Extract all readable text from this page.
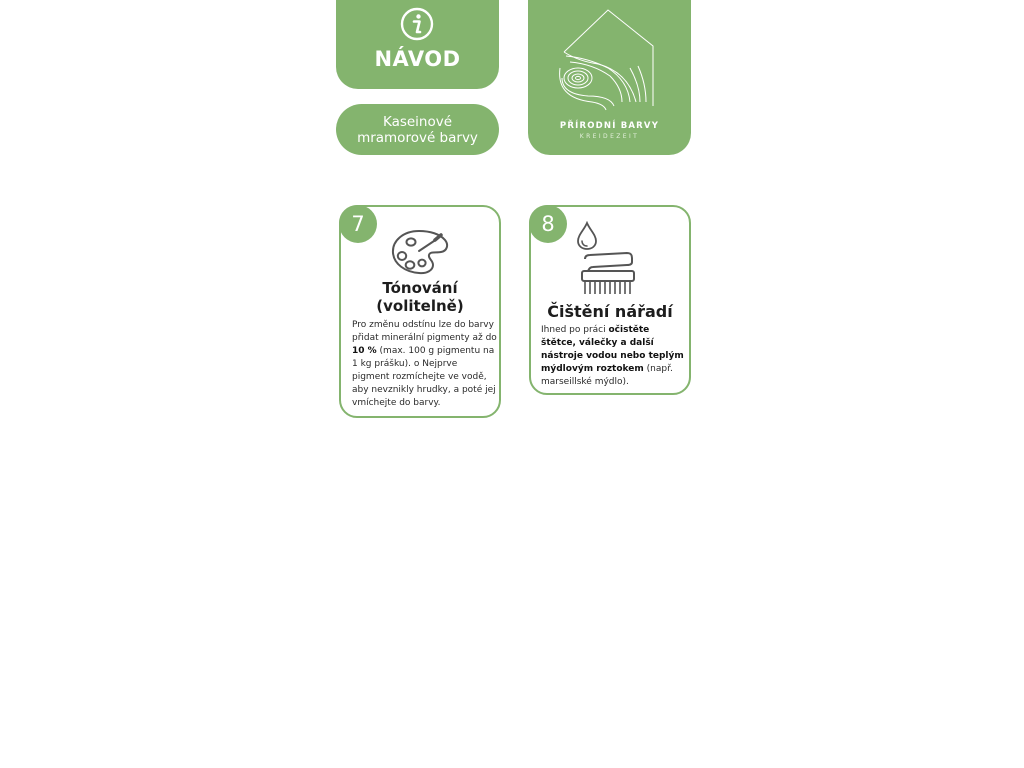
NÁVOD
Kaseinové mramorové barvy
PŘÍRODNÍ BARVY
KREIDEZEIT
7
Tónování
(volitelně)
Pro změnu odstínu lze do barvy přidat minerální pigmenty až do 10 % (max. 100 g pigmentu na 1 kg prášku). o Nejprve pigment rozmíchejte ve vodě, aby nevznikly hrudky, a poté jej vmíchejte do barvy.
8
Čištění nářadí
Ihned po práci očistěte štětce, válečky a další nástroje vodou nebo teplým mýdlovým roztokem (např. marseillské mýdlo).
